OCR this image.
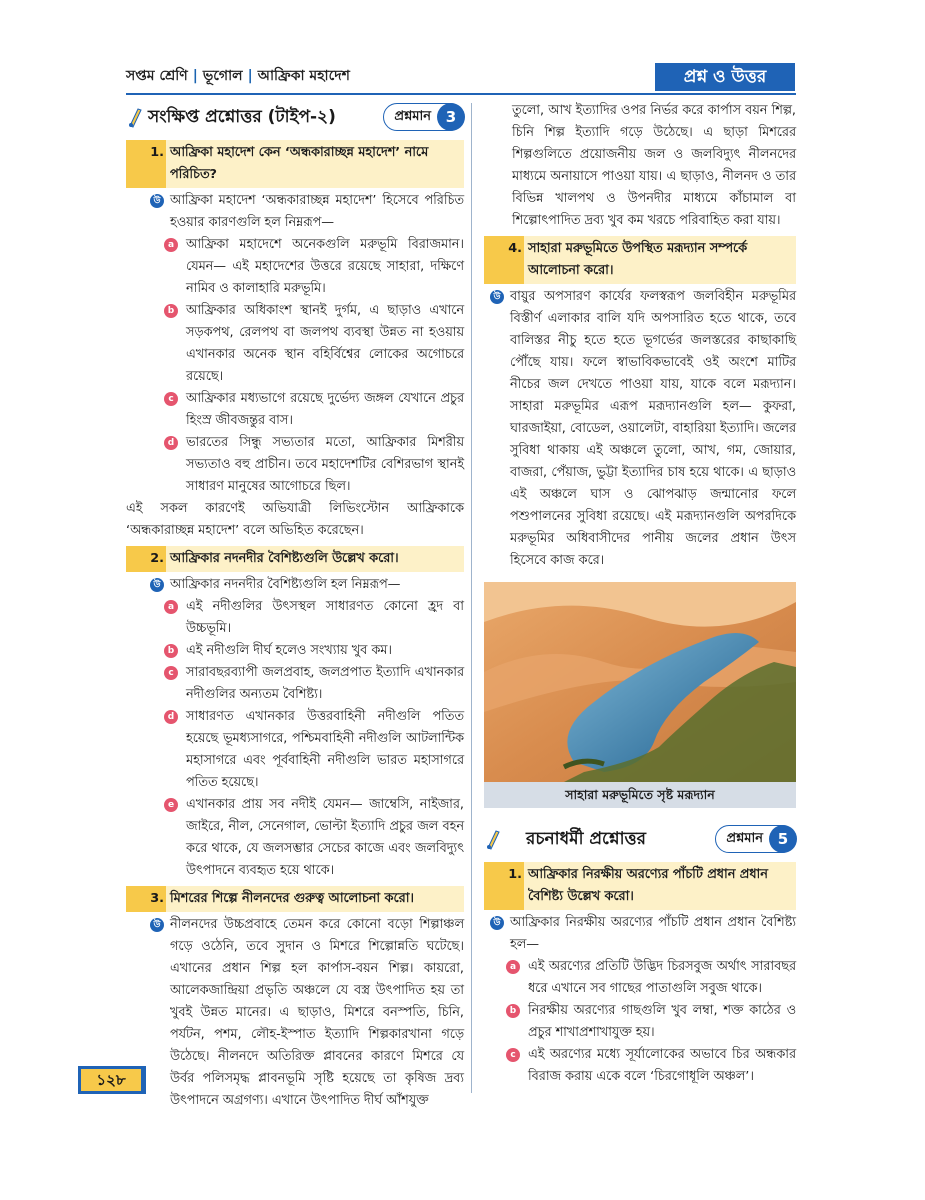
সপ্তম শ্রেণি | ভূগোল | আফ্রিকা মহাদেশ	প্রশ্ন ও উত্তর
সংক্ষিপ্ত প্রশ্নোত্তর (টাইপ-২)	প্রশ্নমান 3
1. আফ্রিকা মহাদেশ কেন ‘অন্ধকারাচ্ছন্ন মহাদেশ’ নামে পরিচিত?
উ আফ্রিকা মহাদেশ ‘অন্ধকারাচ্ছন্ন মহাদেশ’ হিসেবে পরিচিত হওয়ার কারণগুলি হল নিম্নরূপ—
a আফ্রিকা মহাদেশে অনেকগুলি মরুভূমি বিরাজমান। যেমন— এই মহাদেশের উত্তরে রয়েছে সাহারা, দক্ষিণে নামিব ও কালাহারি মরুভূমি।
b আফ্রিকার অধিকাংশ স্থানই দুর্গম, এ ছাড়াও এখানে সড়কপথ, রেলপথ বা জলপথ ব্যবস্থা উন্নত না হওয়ায় এখানকার অনেক স্থান বহির্বিশ্বের লোকের অগোচরে রয়েছে।
c আফ্রিকার মধ্যভাগে রয়েছে দুর্ভেদ্য জঙ্গল যেখানে প্রচুর হিংস্র জীবজন্তুর বাস।
d ভারতের সিন্ধু সভ্যতার মতো, আফ্রিকার মিশরীয় সভ্যতাও বহু প্রাচীন। তবে মহাদেশটির বেশিরভাগ স্থানই সাধারণ মানুষের আগোচরে ছিল।
এই সকল কারণেই অভিযাত্রী লিভিংস্টোন আফ্রিকাকে ‘অন্ধকারাচ্ছন্ন মহাদেশ’ বলে অভিহিত করেছেন।
2. আফ্রিকার নদনদীর বৈশিষ্ট্যগুলি উল্লেখ করো।
উ আফ্রিকার নদনদীর বৈশিষ্ট্যগুলি হল নিম্নরূপ—
a এই নদীগুলির উৎসস্থল সাধারণত কোনো হ্রদ বা উচ্চভূমি।
b এই নদীগুলি দীর্ঘ হলেও সংখ্যায় খুব কম।
c সারাবছরব্যাপী জলপ্রবাহ, জলপ্রপাত ইত্যাদি এখানকার নদীগুলির অন্যতম বৈশিষ্ট্য।
d সাধারণত এখানকার উত্তরবাহিনী নদীগুলি পতিত হয়েছে ভূমধ্যসাগরে, পশ্চিমবাহিনী নদীগুলি আটলান্টিক মহাসাগরে এবং পূর্ববাহিনী নদীগুলি ভারত মহাসাগরে পতিত হয়েছে।
e এখানকার প্রায় সব নদীই যেমন— জাম্বেসি, নাইজার, জাইরে, নীল, সেনেগাল, ভোল্টা ইত্যাদি প্রচুর জল বহন করে থাকে, যে জলসম্ভার সেচের কাজে এবং জলবিদ্যুৎ উৎপাদনে ব্যবহৃত হয়ে থাকে।
3. মিশরের শিল্পে নীলনদের গুরুত্ব আলোচনা করো।
উ নীলনদের উচ্চপ্রবাহে তেমন করে কোনো বড়ো শিল্পাঞ্চল গড়ে ওঠেনি, তবে সুদান ও মিশরে শিল্পোন্নতি ঘটেছে। এখানের প্রধান শিল্প হল কার্পাস-বয়ন শিল্প। কায়রো, আলেকজান্দ্রিয়া প্রভৃতি অঞ্চলে যে বস্ত্র উৎপাদিত হয় তা খুবই উন্নত মানের। এ ছাড়াও, মিশরে বনস্পতি, চিনি, পর্যটন, পশম, লৌহ-ইস্পাত ইত্যাদি শিল্পকারখানা গড়ে উঠেছে। নীলনদে অতিরিক্ত প্লাবনের কারণে মিশরে যে উর্বর পলিসমৃদ্ধ প্লাবনভূমি সৃষ্টি হয়েছে তা কৃষিজ দ্রব্য উৎপাদনে অগ্রগণ্য। এখানে উৎপাদিত দীর্ঘ আঁশযুক্ত
তুলো, আখ ইত্যাদির ওপর নির্ভর করে কার্পাস বয়ন শিল্প, চিনি শিল্প ইত্যাদি গড়ে উঠেছে। এ ছাড়া মিশরের শিল্পগুলিতে প্রয়োজনীয় জল ও জলবিদ্যুৎ নীলনদের মাধ্যমে অনায়াসে পাওয়া যায়। এ ছাড়াও, নীলনদ ও তার বিভিন্ন খালপথ ও উপনদীর মাধ্যমে কাঁচামাল বা শিল্পোৎপাদিত দ্রব্য খুব কম খরচে পরিবাহিত করা যায়।
4. সাহারা মরুভূমিতে উপস্থিত মরূদ্যান সম্পর্কে আলোচনা করো।
উ বায়ুর অপসারণ কার্যের ফলস্বরূপ জলবিহীন মরুভূমির বিস্তীর্ণ এলাকার বালি যদি অপসারিত হতে থাকে, তবে বালিস্তর নীচু হতে হতে ভূগর্ভের জলস্তরের কাছাকাছি পৌঁছে যায়। ফলে স্বাভাবিকভাবেই ওই অংশে মাটির নীচের জল দেখতে পাওয়া যায়, যাকে বলে মরূদ্যান। সাহারা মরুভূমির এরূপ মরূদ্যানগুলি হল— কুফরা, ঘারজাইয়া, বোডেল, ওয়ালেটা, বাহারিয়া ইত্যাদি। জলের সুবিধা থাকায় এই অঞ্চলে তুলো, আখ, গম, জোয়ার, বাজরা, পেঁয়াজ, ভুট্টা ইত্যাদির চাষ হয়ে থাকে। এ ছাড়াও এই অঞ্চলে ঘাস ও ঝোপঝাড় জন্মানোর ফলে পশুপালনের সুবিধা রয়েছে। এই মরূদ্যানগুলি অপরদিকে মরুভূমির অধিবাসীদের পানীয় জলের প্রধান উৎস হিসেবে কাজ করে।
সাহারা মরুভূমিতে সৃষ্ট মরূদ্যান
রচনাধর্মী প্রশ্নোত্তর	প্রশ্নমান 5
1. আফ্রিকার নিরক্ষীয় অরণ্যের পাঁচটি প্রধান প্রধান বৈশিষ্ট্য উল্লেখ করো।
উ আফ্রিকার নিরক্ষীয় অরণ্যের পাঁচটি প্রধান প্রধান বৈশিষ্ট্য হল—
a এই অরণ্যের প্রতিটি উদ্ভিদ চিরসবুজ অর্থাৎ সারাবছর ধরে এখানে সব গাছের পাতাগুলি সবুজ থাকে।
b নিরক্ষীয় অরণ্যের গাছগুলি খুব লম্বা, শক্ত কাঠের ও প্রচুর শাখাপ্রশাখাযুক্ত হয়।
c এই অরণ্যের মধ্যে সূর্যালোকের অভাবে চির অন্ধকার বিরাজ করায় একে বলে ‘চিরগোধূলি অঞ্চল’।
১২৮
